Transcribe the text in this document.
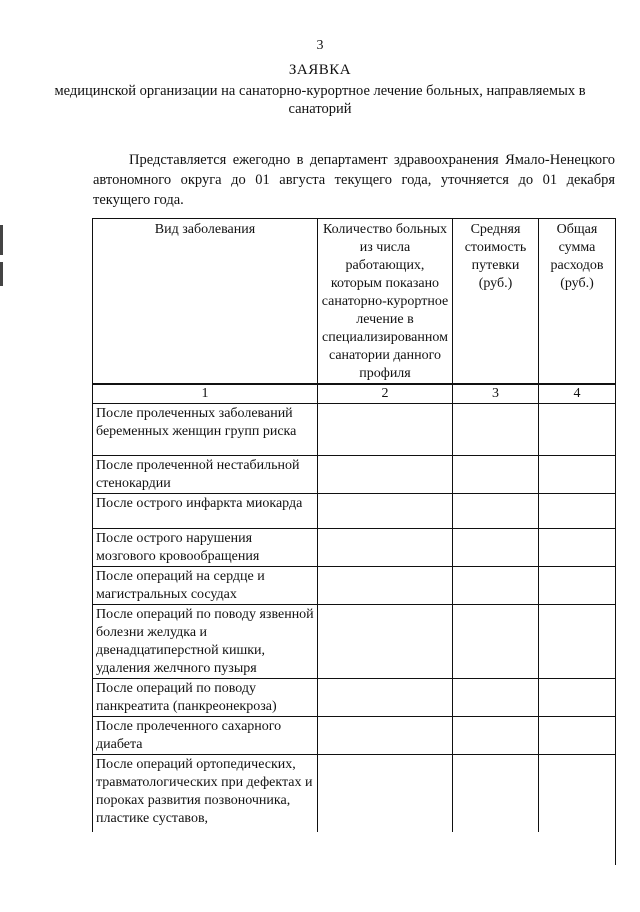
3
ЗАЯВКА
медицинской организации на санаторно-курортное лечение больных, направляемых в санаторий
Представляется ежегодно в департамент здравоохранения Ямало-Ненецкого автономного округа до 01 августа текущего года, уточняется до 01 декабря текущего года.
Вид заболевания	Количество больных из числа работающих, которым показано санаторно-курортное лечение в специализированном санатории данного профиля	Средняя стоимость путевки (руб.)	Общая сумма расходов (руб.)
1	2	3	4
После пролеченных заболеваний беременных женщин групп риска			
После пролеченной нестабильной стенокардии			
После острого инфаркта миокарда			
После острого нарушения мозгового кровообращения			
После операций на сердце и магистральных сосудах			
После операций по поводу язвенной болезни желудка и двенадцатиперстной кишки, удаления желчного пузыря			
После операций по поводу панкреатита (панкреонекроза)			
После пролеченного сахарного диабета			
После операций ортопедических, травматологических при дефектах и пороках развития позвоночника, пластике суставов,			
